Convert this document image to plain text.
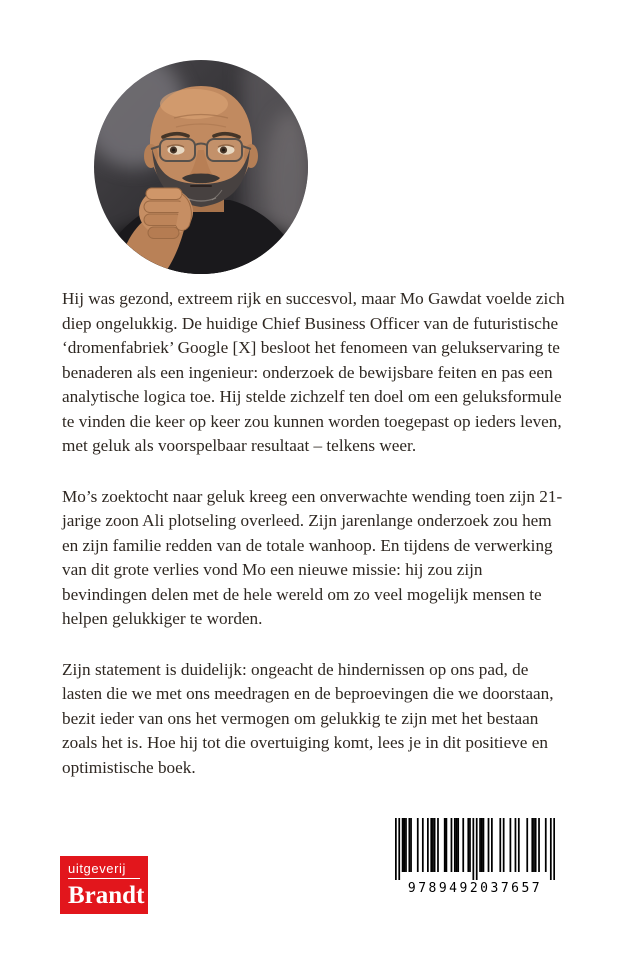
Hij was gezond, extreem rijk en succesvol, maar Mo Gawdat voelde zich diep ongelukkig. De huidige Chief Business Officer van de futuristische ‘dromenfabriek’ Google [X] besloot het fenomeen van gelukservaring te benaderen als een ingenieur: onderzoek de bewijsbare feiten en pas een analytische logica toe. Hij stelde zichzelf ten doel om een geluksformule te vinden die keer op keer zou kunnen worden toegepast op ieders leven, met geluk als voorspelbaar resultaat – telkens weer.

Mo’s zoektocht naar geluk kreeg een onverwachte wending toen zijn 21-jarige zoon Ali plotseling overleed. Zijn jarenlange onderzoek zou hem en zijn familie redden van de totale wanhoop. En tijdens de verwerking van dit grote verlies vond Mo een nieuwe missie: hij zou zijn bevindingen delen met de hele wereld om zo veel mogelijk mensen te helpen gelukkiger te worden.

Zijn statement is duidelijk: ongeacht de hindernissen op ons pad, de lasten die we met ons meedragen en de beproevingen die we doorstaan, bezit ieder van ons het vermogen om gelukkig te zijn met het bestaan zoals het is. Hoe hij tot die overtuiging komt, lees je in dit positieve en optimistische boek.

uitgeverij
Brandt	9789492037657
